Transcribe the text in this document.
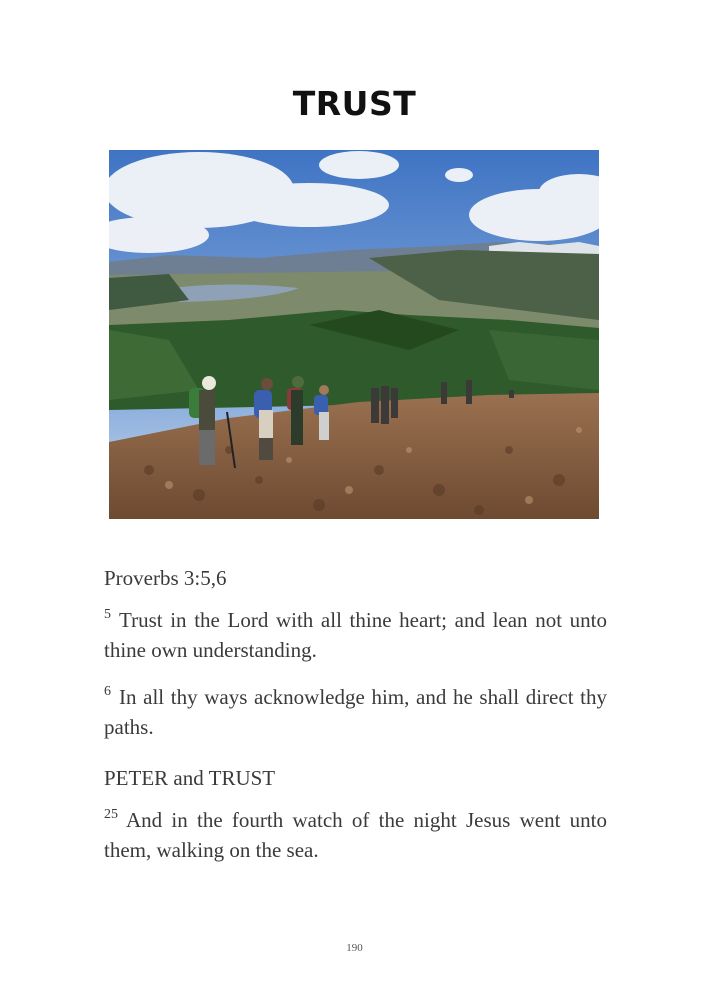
TRUST
Proverbs 3:5,6
$^5$ Trust in the Lord with all thine heart; and lean not unto thine own understanding.
$^6$ In all thy ways acknowledge him, and he shall direct thy paths.
PETER and TRUST
$^{25}$ And in the fourth watch of the night Jesus went unto them, walking on the sea.
190
